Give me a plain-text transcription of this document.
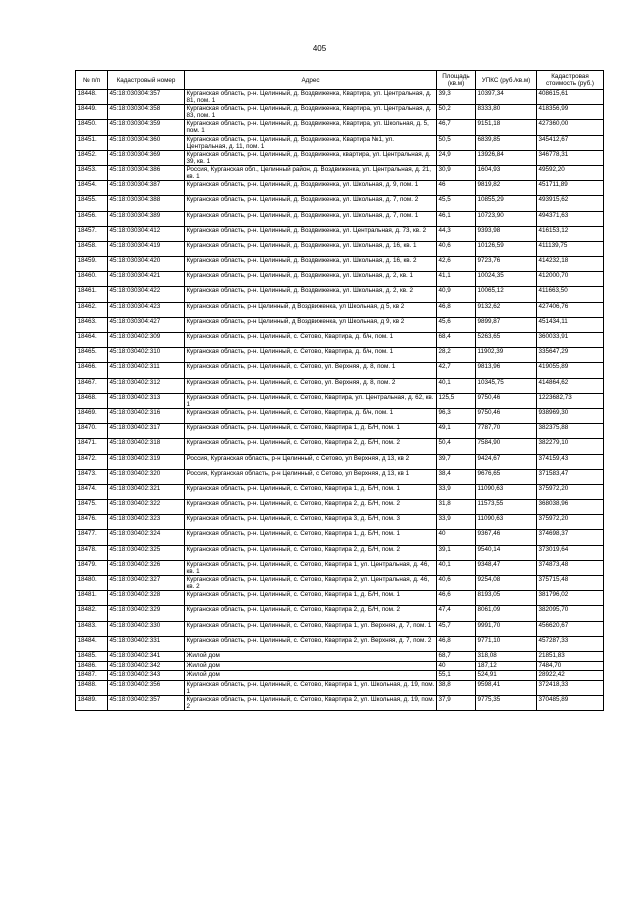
405
№ п/п	Кадастровый номер	Адрес	Площадь (кв.м)	УПКС (руб./кв.м)	Кадастровая стоимость (руб.)
18448.	45:18:030304:357	Курганская область, р-н. Целинный, д. Воздвиженка, Квартира, ул. Центральная, д. 81, пом. 1	39,3	10397,34	408615,61
18449.	45:18:030304:358	Курганская область, р-н. Целинный, д. Воздвиженка, Квартира, ул. Центральная, д. 83, пом. 1	50,2	8333,80	418356,99
18450.	45:18:030304:359	Курганская область, р-н. Целинный, д. Воздвиженка, Квартира, ул. Школьная, д. 5, пом. 1	46,7	9151,18	427360,00
18451.	45:18:030304:360	Курганская область, р-н. Целинный, д. Воздвиженка, Квартира №1, ул. Центральная, д. 11, пом. 1	50,5	6839,85	345412,67
18452.	45:18:030304:369	Курганская область, р-н. Целинный, д. Воздвиженка, квартира, ул. Центральная, д. 39, кв. 1	24,9	13926,84	346778,31
18453.	45:18:030304:386	Россия, Курганская обл., Целинный район, д. Воздвиженка, ул. Центральная, д. 21, кв. 1	30,9	1604,93	49592,20
18454.	45:18:030304:387	Курганская область, р-н. Целинный, д. Воздвиженка, ул. Школьная, д. 9, пом. 1	46	9819,82	451711,89
18455.	45:18:030304:388	Курганская область, р-н. Целинный, д. Воздвиженка, ул. Школьная, д. 7, пом. 2	45,5	10855,29	493915,62
18456.	45:18:030304:389	Курганская область, р-н. Целинный, д. Воздвиженка, ул. Школьная, д. 7, пом. 1	46,1	10723,90	494371,63
18457.	45:18:030304:412	Курганская область, р-н. Целинный, д. Воздвиженка, ул. Центральная, д. 73, кв. 2	44,3	9393,98	416153,12
18458.	45:18:030304:419	Курганская область, р-н. Целинный, д. Воздвиженка, ул. Школьная, д. 16, кв. 1	40,6	10126,59	411139,75
18459.	45:18:030304:420	Курганская область, р-н. Целинный, д. Воздвиженка, ул. Школьная, д. 16, кв. 2	42,6	9723,76	414232,18
18460.	45:18:030304:421	Курганская область, р-н. Целинный, д. Воздвиженка, ул. Школьная, д. 2, кв. 1	41,1	10024,35	412000,70
18461.	45:18:030304:422	Курганская область, р-н. Целинный, д. Воздвиженка, ул. Школьная, д. 2, кв. 2	40,9	10065,12	411663,50
18462.	45:18:030304:423	Курганская область, р-н Целинный, д Воздвиженка, ул Школьная, д 5, кв 2	46,8	9132,62	427406,76
18463.	45:18:030304:427	Курганская область, р-н Целинный, д Воздвиженка, ул Школьная, д 9, кв 2	45,6	9899,87	451434,11
18464.	45:18:030402:309	Курганская область, р-н. Целинный, с. Сетово, Квартира, д. б/н, пом. 1	68,4	5263,65	360033,91
18465.	45:18:030402:310	Курганская область, р-н. Целинный, с. Сетово, Квартира, д. б/н, пом. 1	28,2	11902,39	335647,29
18466.	45:18:030402:311	Курганская область, р-н. Целинный, с. Сетово, ул. Верхняя, д. 8, пом. 1	42,7	9813,96	419055,89
18467.	45:18:030402:312	Курганская область, р-н. Целинный, с. Сетово, ул. Верхняя, д. 8, пом. 2	40,1	10345,75	414864,62
18468.	45:18:030402:313	Курганская область, р-н. Целинный, с. Сетово, Квартира, ул. Центральная, д. 62, кв. 1	125,5	9750,46	1223682,73
18469.	45:18:030402:316	Курганская область, р-н. Целинный, с. Сетово, Квартира, д. б/н, пом. 1	96,3	9750,46	938969,30
18470.	45:18:030402:317	Курганская область, р-н. Целинный, с. Сетово, Квартира 1, д. Б/Н, пом. 1	49,1	7787,70	382375,88
18471.	45:18:030402:318	Курганская область, р-н. Целинный, с. Сетово, Квартира 2, д. Б/Н, пом. 2	50,4	7584,90	382279,10
18472.	45:18:030402:319	Россия, Курганская область, р-н Целинный, с Сетово, ул Верхняя, д 13, кв 2	39,7	9424,67	374159,43
18473.	45:18:030402:320	Россия, Курганская область, р-н Целинный, с Сетово, ул Верхняя, д 13, кв 1	38,4	9676,65	371583,47
18474.	45:18:030402:321	Курганская область, р-н. Целинный, с. Сетово, Квартира 1, д. Б/Н, пом. 1	33,9	11090,63	375972,20
18475.	45:18:030402:322	Курганская область, р-н. Целинный, с. Сетово, Квартира 2, д. Б/Н, пом. 2	31,8	11573,55	368038,96
18476.	45:18:030402:323	Курганская область, р-н. Целинный, с. Сетово, Квартира 3, д. Б/Н, пом. 3	33,9	11090,63	375972,20
18477.	45:18:030402:324	Курганская область, р-н. Целинный, с. Сетово, Квартира 1, д. Б/Н, пом. 1	40	9367,46	374698,37
18478.	45:18:030402:325	Курганская область, р-н. Целинный, с. Сетово, Квартира 2, д. Б/Н, пом. 2	39,1	9540,14	373019,64
18479.	45:18:030402:326	Курганская область, р-н. Целинный, с. Сетово, Квартира 1, ул. Центральная, д. 46, кв. 1	40,1	9348,47	374873,48
18480.	45:18:030402:327	Курганская область, р-н. Целинный, с. Сетово, Квартира 2, ул. Центральная, д. 46, кв. 2	40,6	9254,08	375715,48
18481.	45:18:030402:328	Курганская область, р-н. Целинный, с. Сетово, Квартира 1, д. Б/Н, пом. 1	46,6	8193,05	381796,02
18482.	45:18:030402:329	Курганская область, р-н. Целинный, с. Сетово, Квартира 2, д. Б/Н, пом. 2	47,4	8061,09	382095,70
18483.	45:18:030402:330	Курганская область, р-н. Целинный, с. Сетово, Квартира 1, ул. Верхняя, д. 7, пом. 1	45,7	9991,70	456620,67
18484.	45:18:030402:331	Курганская область, р-н. Целинный, с. Сетово, Квартира 2, ул. Верхняя, д. 7, пом. 2	46,8	9771,10	457287,33
18485.	45:18:030402:341	Жилой дом	68,7	318,08	21851,83
18486.	45:18:030402:342	Жилой дом	40	187,12	7484,70
18487.	45:18:030402:343	Жилой дом	55,1	524,91	28922,42
18488.	45:18:030402:356	Курганская область, р-н. Целинный, с. Сетово, Квартира 1, ул. Школьная, д. 19, пом. 1	38,8	9598,41	372418,33
18489.	45:18:030402:357	Курганская область, р-н. Целинный, с. Сетово, Квартира 2, ул. Школьная, д. 19, пом. 2	37,9	9775,35	370485,89
